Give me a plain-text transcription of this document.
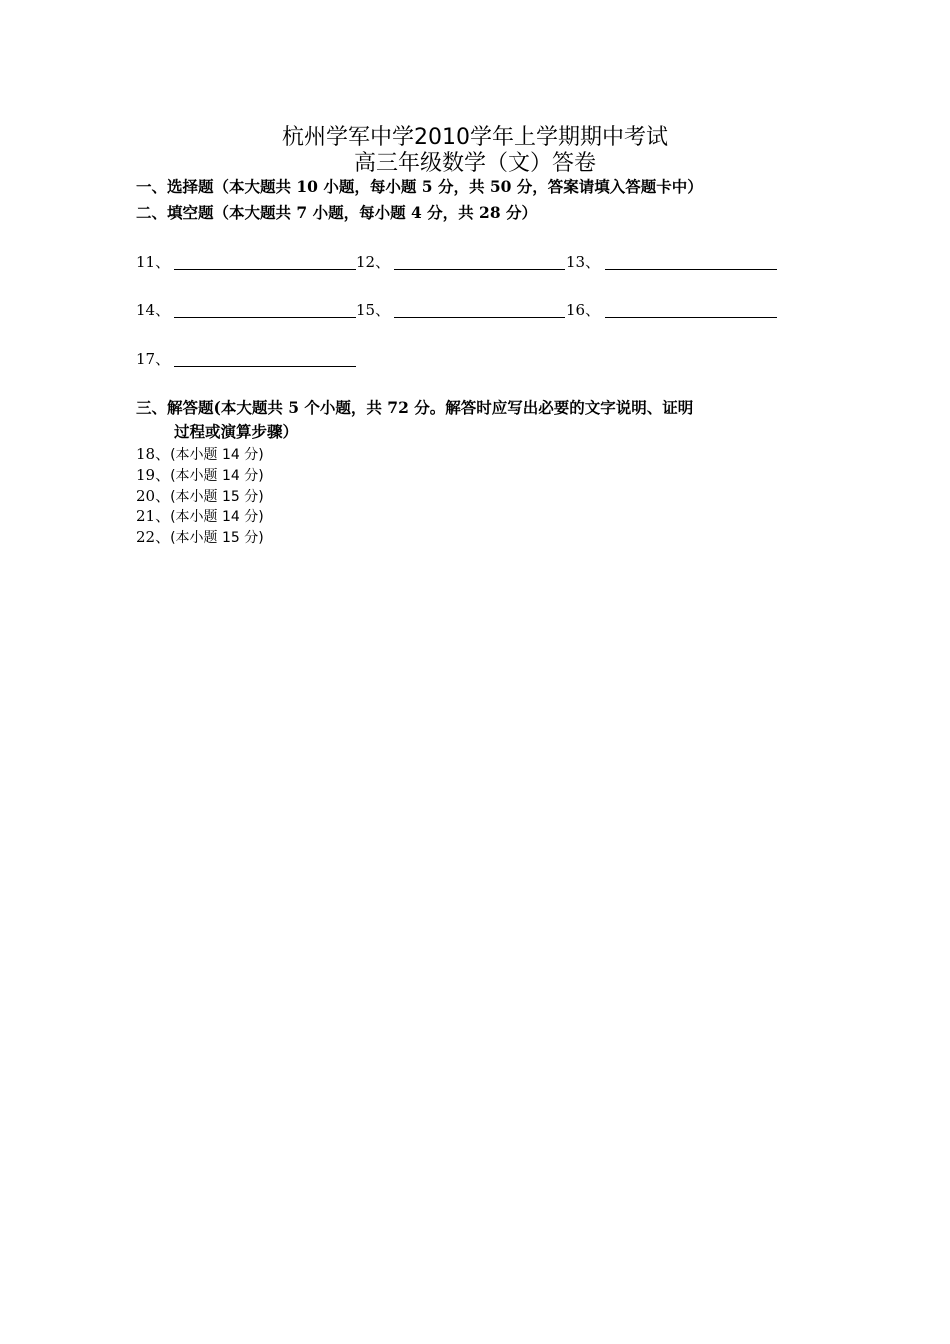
杭州学军中学2010学年上学期期中考试
高三年级数学（文）答卷
一、选择题（本大题共 10 小题，每小题 5 分，共 50 分，答案请填入答题卡中）
二、填空题（本大题共 7 小题，每小题 4 分，共 28 分）
11、	12、	13、
14、	15、	16、
17、
三、解答题(本大题共 5 个小题，共 72 分。解答时应写出必要的文字说明、证明
过程或演算步骤）
18、(本小题 14 分)
19、(本小题 14 分)
20、(本小题 15 分)
21、(本小题 14 分)
22、(本小题 15 分)
